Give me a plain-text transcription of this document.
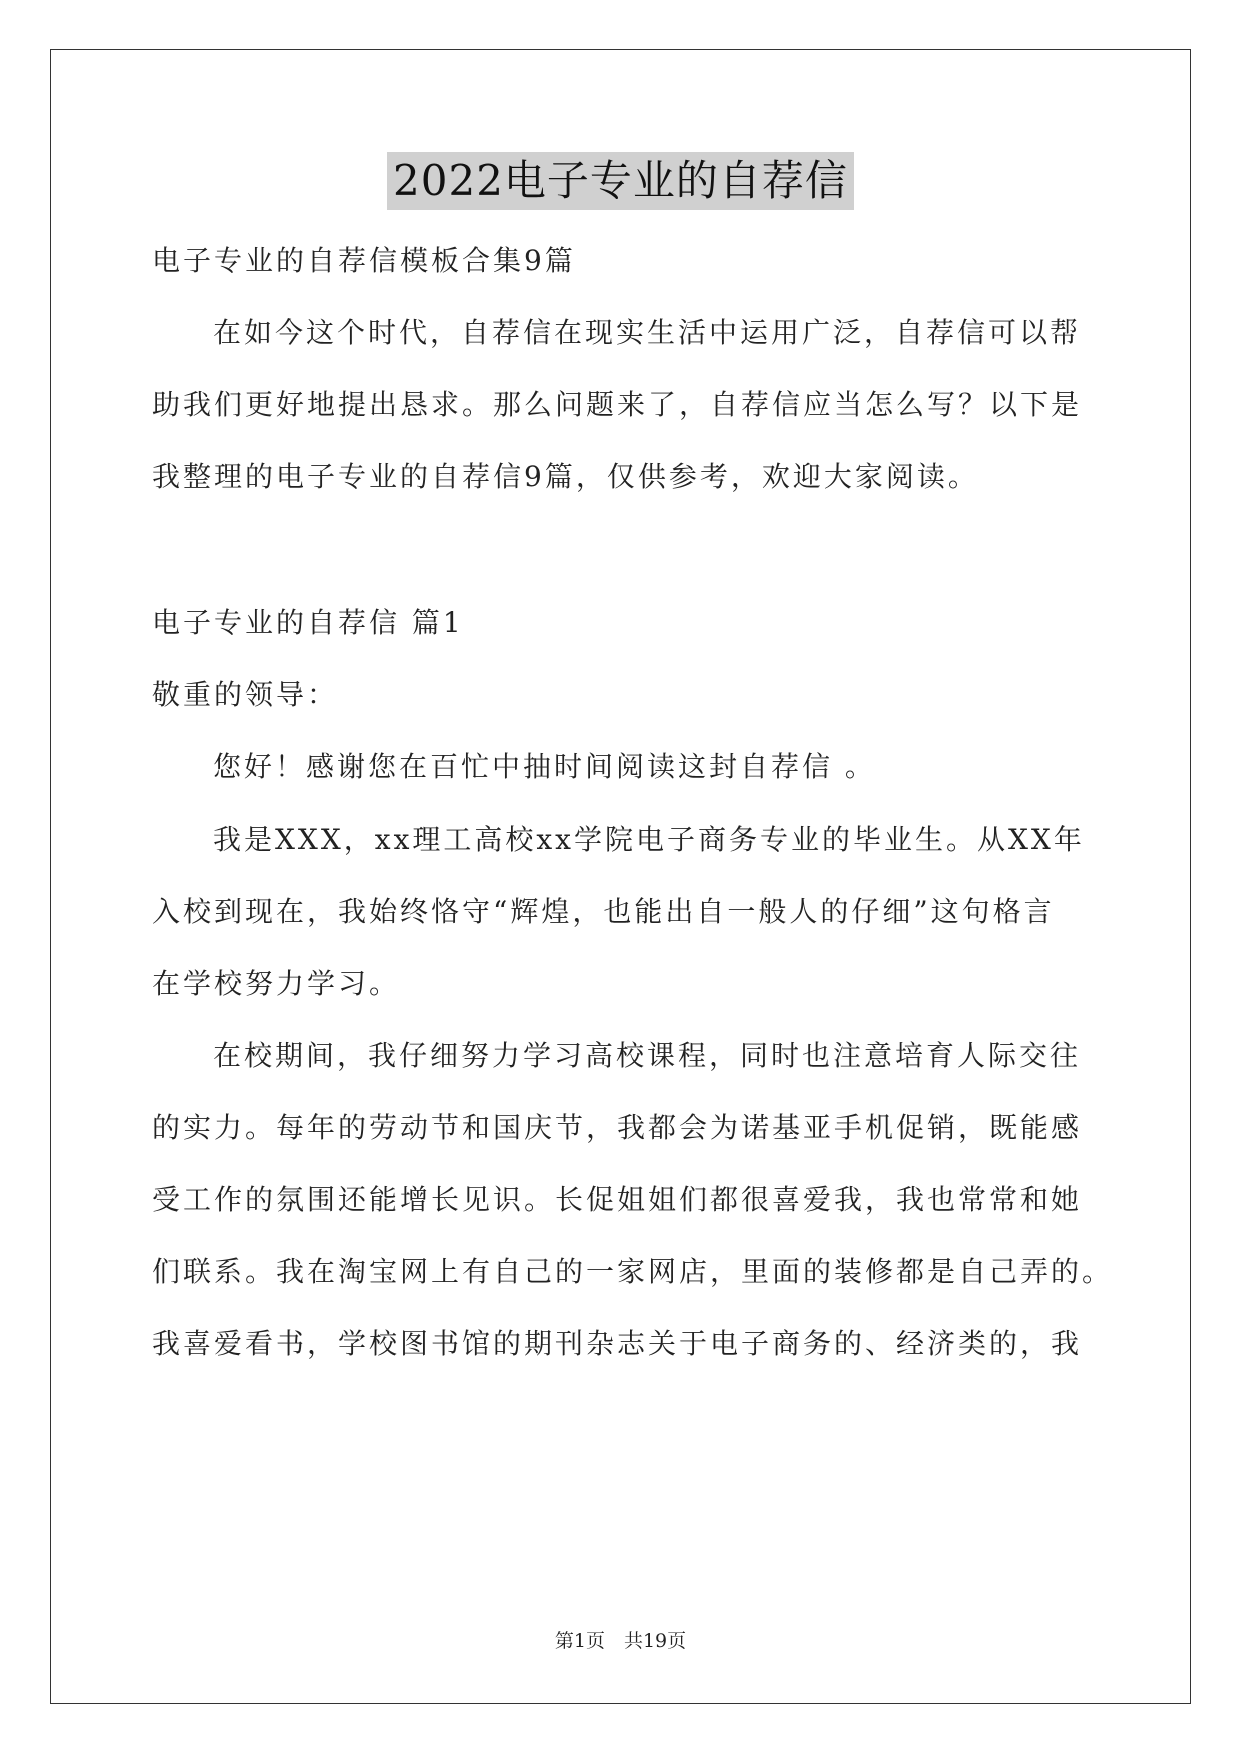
2022电子专业的自荐信
电子专业的自荐信模板合集9篇
在如今这个时代，自荐信在现实生活中运用广泛，自荐信可以帮
助我们更好地提出恳求。那么问题来了，自荐信应当怎么写？以下是
我整理的电子专业的自荐信9篇，仅供参考，欢迎大家阅读。
电子专业的自荐信 篇1
敬重的领导：
您好！感谢您在百忙中抽时间阅读这封自荐信 。
我是XXX，xx理工高校xx学院电子商务专业的毕业生。从XX年
入校到现在，我始终恪守“辉煌，也能出自一般人的仔细”这句格言
在学校努力学习。
在校期间，我仔细努力学习高校课程，同时也注意培育人际交往
的实力。每年的劳动节和国庆节，我都会为诺基亚手机促销，既能感
受工作的氛围还能增长见识。长促姐姐们都很喜爱我，我也常常和她
们联系。我在淘宝网上有自己的一家网店，里面的装修都是自己弄的。
我喜爱看书，学校图书馆的期刊杂志关于电子商务的、经济类的，我
第1页　共19页
